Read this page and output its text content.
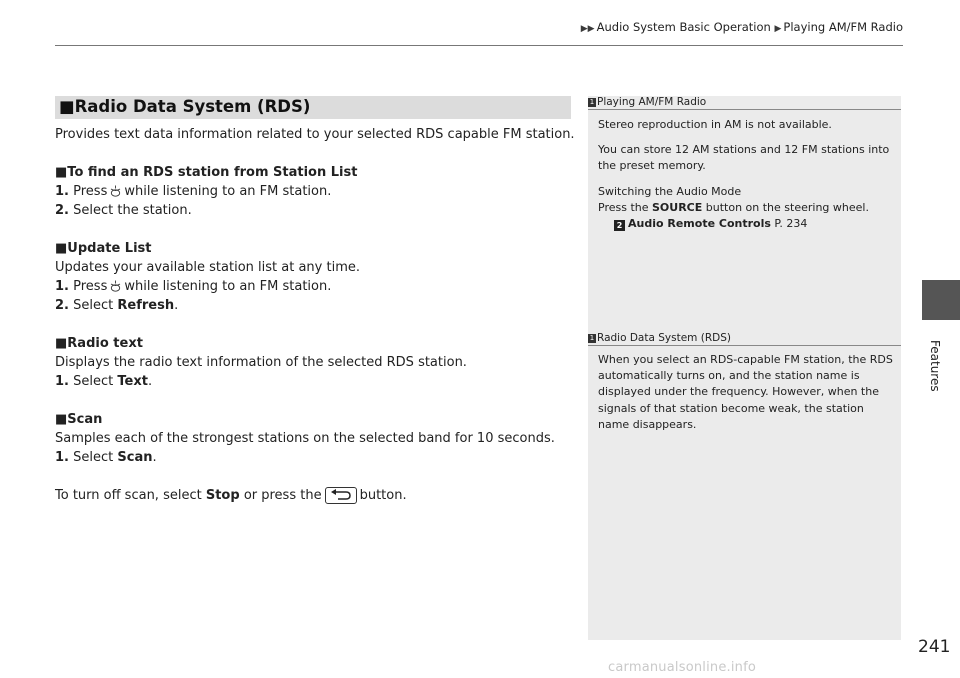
▶▶ Audio System Basic Operation ▶ Playing AM/FM Radio
Features
■Radio Data System (RDS)

Provides text data information related to your selected RDS capable FM station.

■To find an RDS station from Station List

1. Press while listening to an FM station.

2. Select the station.

■Update List

Updates your available station list at any time.

1. Press while listening to an FM station.

2. Select Refresh.

■Radio text

Displays the radio text information of the selected RDS station.

1. Select Text.

■Scan

Samples each of the strongest stations on the selected band for 10 seconds.

1. Select Scan.

To turn off scan, select Stop or press the	button.

1 Playing AM/FM Radio

Stereo reproduction in AM is not available.

You can store 12 AM stations and 12 FM stations into the preset memory.

Switching the Audio Mode

Press the SOURCE button on the steering wheel.

2 Audio Remote Controls P. 234

1 Radio Data System (RDS)

When you select an RDS-capable FM station, the RDS automatically turns on, and the station name is displayed under the frequency. However, when the signals of that station become weak, the station name disappears.

241
carmanualsonline.info
